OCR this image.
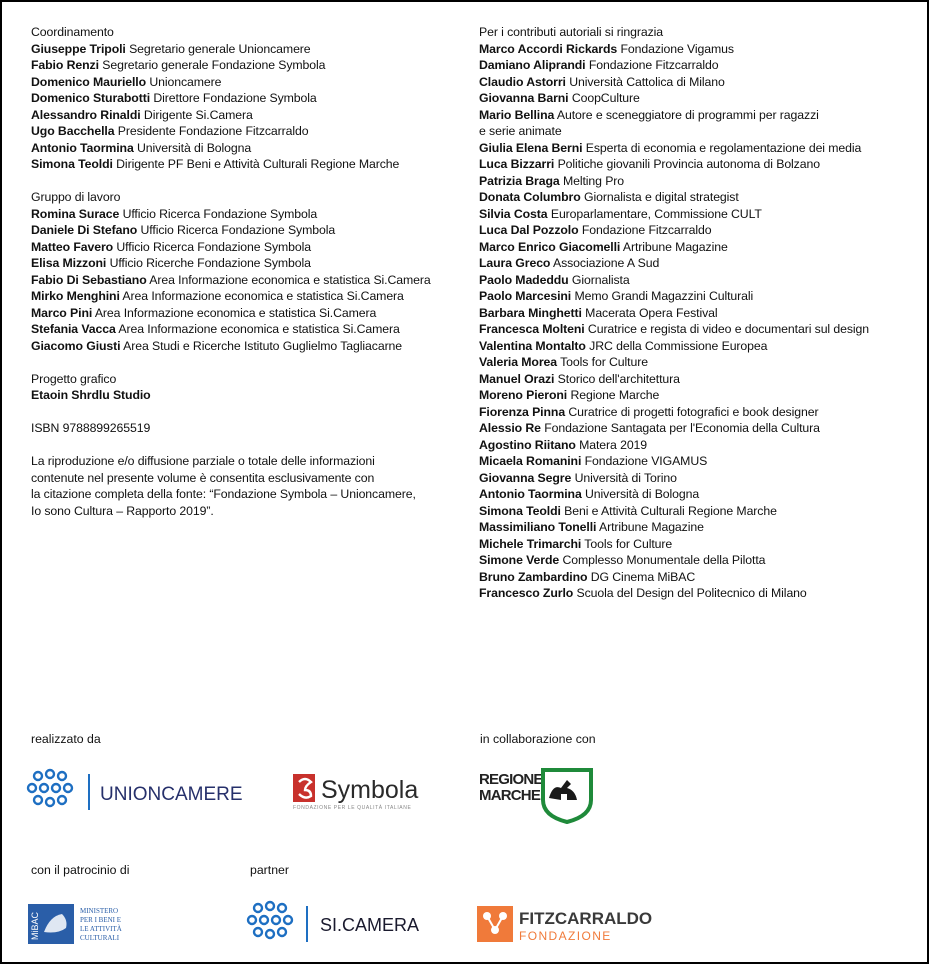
Coordinamento
Giuseppe Tripoli Segretario generale Unioncamere
Fabio Renzi Segretario generale Fondazione Symbola
Domenico Mauriello Unioncamere
Domenico Sturabotti Direttore Fondazione Symbola
Alessandro Rinaldi Dirigente Si.Camera
Ugo Bacchella Presidente Fondazione Fitzcarraldo
Antonio Taormina Università di Bologna
Simona Teoldi Dirigente PF Beni e Attività Culturali Regione Marche
Gruppo di lavoro
Romina Surace Ufficio Ricerca Fondazione Symbola
Daniele Di Stefano Ufficio Ricerca Fondazione Symbola
Matteo Favero Ufficio Ricerca Fondazione Symbola
Elisa Mizzoni Ufficio Ricerche Fondazione Symbola
Fabio Di Sebastiano Area Informazione economica e statistica Si.Camera
Mirko Menghini Area Informazione economica e statistica Si.Camera
Marco Pini Area Informazione economica e statistica Si.Camera
Stefania Vacca Area Informazione economica e statistica Si.Camera
Giacomo Giusti Area Studi e Ricerche Istituto Guglielmo Tagliacarne
Progetto grafico
Etaoin Shrdlu Studio
ISBN 9788899265519
La riproduzione e/o diffusione parziale o totale delle informazioni
contenute nel presente volume è consentita esclusivamente con
la citazione completa della fonte: “Fondazione Symbola – Unioncamere,
Io sono Cultura – Rapporto 2019”.
Per i contributi autoriali si ringrazia
Marco Accordi Rickards Fondazione Vigamus
Damiano Aliprandi Fondazione Fitzcarraldo
Claudio Astorri Università Cattolica di Milano
Giovanna Barni CoopCulture
Mario Bellina Autore e sceneggiatore di programmi per ragazzi
e serie animate
Giulia Elena Berni Esperta di economia e regolamentazione dei media
Luca Bizzarri Politiche giovanili Provincia autonoma di Bolzano
Patrizia Braga Melting Pro
Donata Columbro Giornalista e digital strategist
Silvia Costa Europarlamentare, Commissione CULT
Luca Dal Pozzolo Fondazione Fitzcarraldo
Marco Enrico Giacomelli Artribune Magazine
Laura Greco Associazione A Sud
Paolo Madeddu Giornalista
Paolo Marcesini Memo Grandi Magazzini Culturali
Barbara Minghetti Macerata Opera Festival
Francesca Molteni Curatrice e regista di video e documentari sul design
Valentina Montalto JRC della Commissione Europea
Valeria Morea Tools for Culture
Manuel Orazi Storico dell'architettura
Moreno Pieroni Regione Marche
Fiorenza Pinna Curatrice di progetti fotografici e book designer
Alessio Re Fondazione Santagata per l'Economia della Cultura
Agostino Riitano Matera 2019
Micaela Romanini Fondazione VIGAMUS
Giovanna Segre Università di Torino
Antonio Taormina Università di Bologna
Simona Teoldi Beni e Attività Culturali Regione Marche
Massimiliano Tonelli Artribune Magazine
Michele Trimarchi Tools for Culture
Simone Verde Complesso Monumentale della Pilotta
Bruno Zambardino DG Cinema MiBAC
Francesco Zurlo Scuola del Design del Politecnico di Milano
realizzato da	in collaborazione con
con il patrocinio di	partner
UNIONCAMERE	Symbola
FONDAZIONE PER LE QUALITÀ ITALIANE
REGIONE
MARCHE
MiBAC
MINISTERO
PER I BENI E
LE ATTIVITÀ
CULTURALI
SI.CAMERA	FITZCARRALDO
FONDAZIONE
